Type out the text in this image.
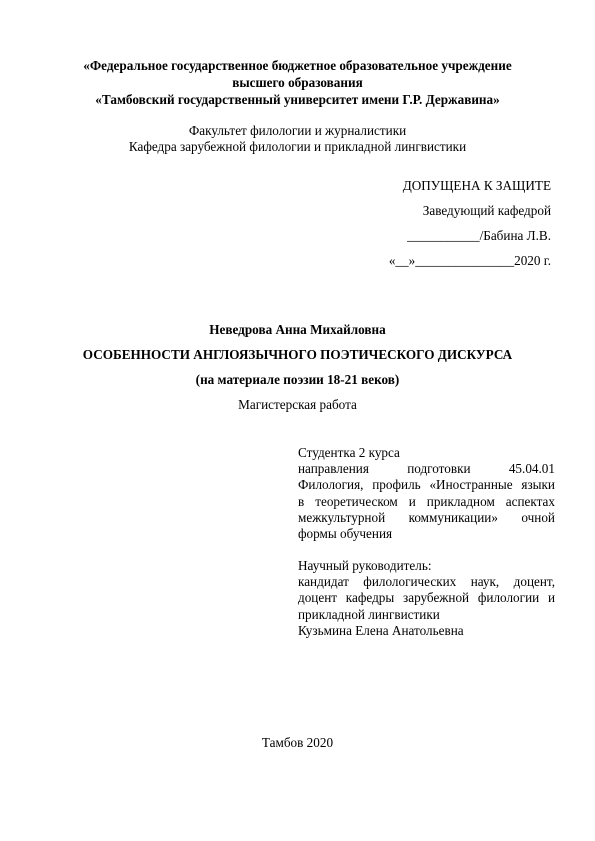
«Федеральное государственное бюджетное образовательное учреждение
высшего образования
«Тамбовский государственный университет имени Г.Р. Державина»
Факультет филологии и журналистики
Кафедра зарубежной филологии и прикладной лингвистики
ДОПУЩЕНА К ЗАЩИТЕ
Заведующий кафедрой
___________/Бабина Л.В.
«__»_______________2020 г.
Неведрова Анна Михайловна
ОСОБЕННОСТИ АНГЛОЯЗЫЧНОГО ПОЭТИЧЕСКОГО ДИСКУРСА
(на материале поэзии 18-21 веков)
Магистерская работа
Студентка 2 курса
направления подготовки 45.04.01
Филология, профиль «Иностранные языки
в теоретическом и прикладном аспектах
межкультурной коммуникации» очной
формы обучения
Научный руководитель:
кандидат филологических наук, доцент,
доцент кафедры зарубежной филологии и
прикладной лингвистики
Кузьмина Елена Анатольевна
Тамбов 2020
